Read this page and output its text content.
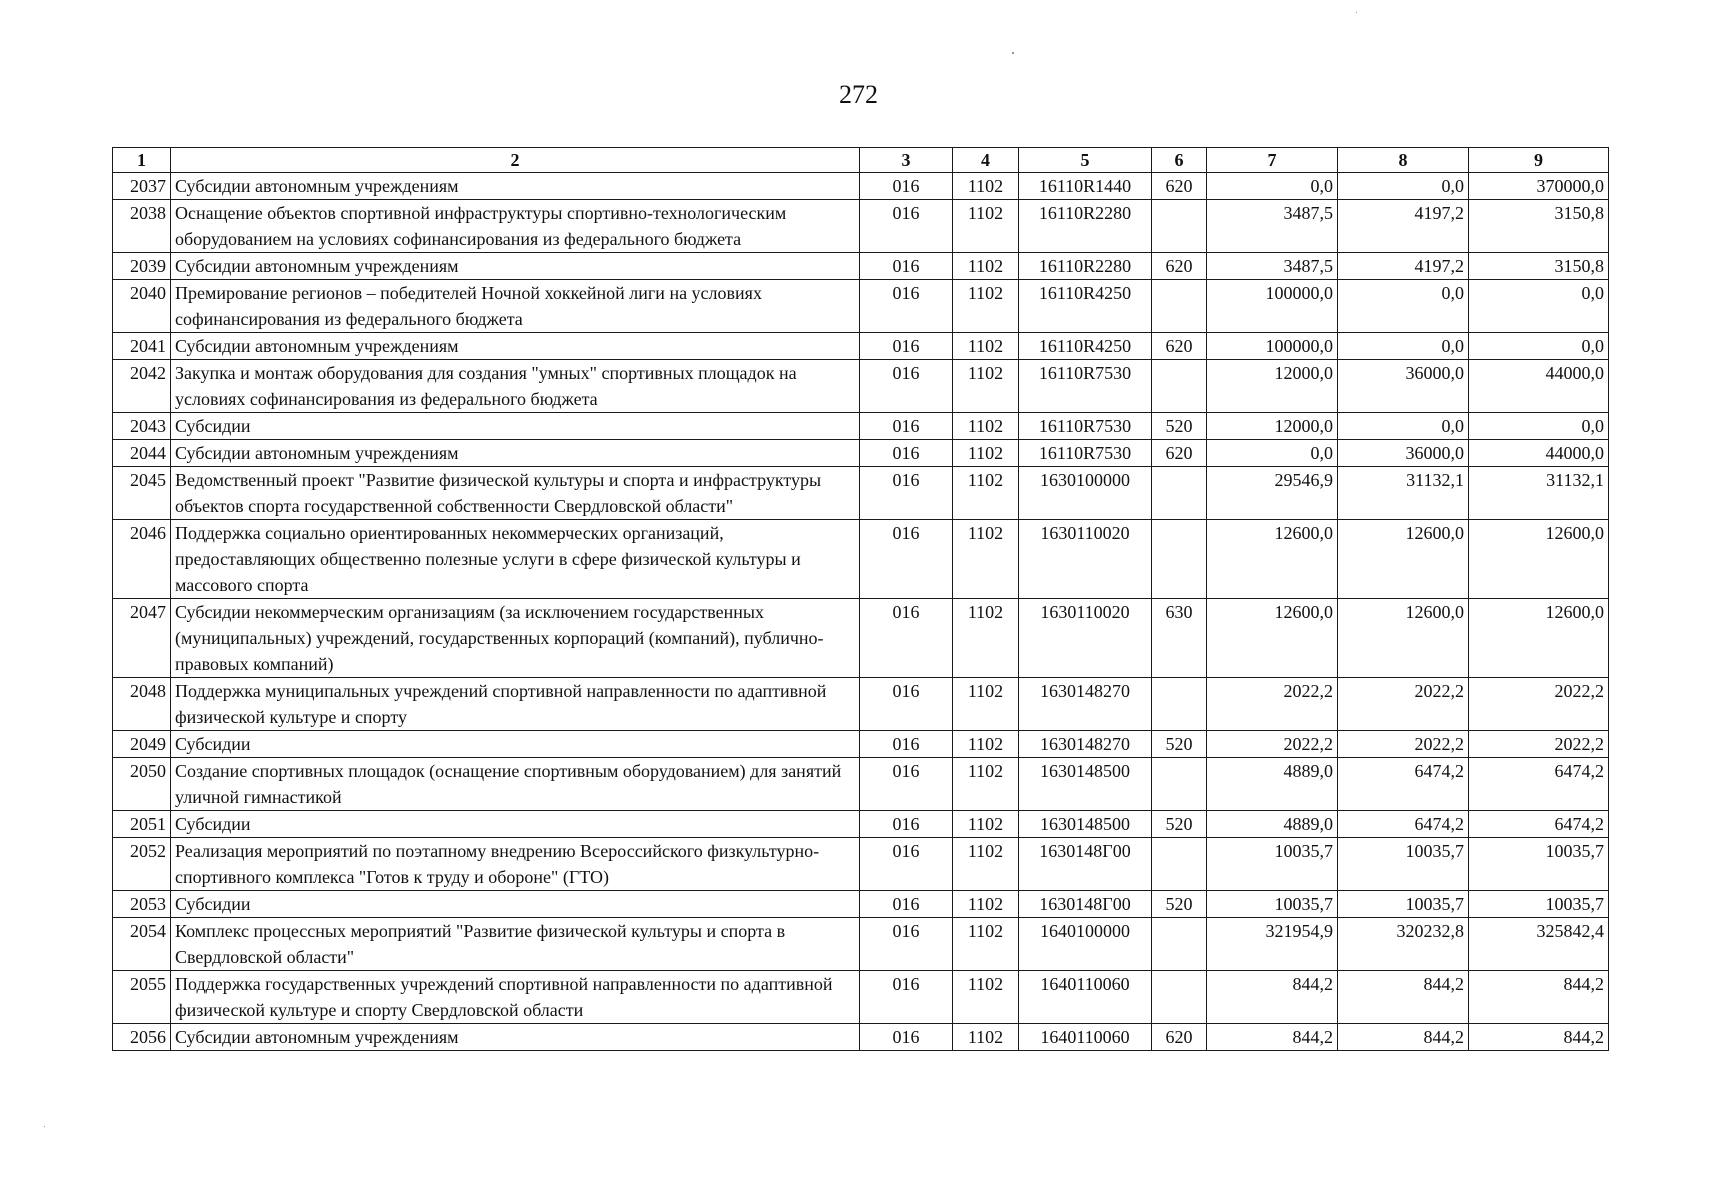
272
1	2	3	4	5	6	7	8	9
2037	Субсидии автономным учреждениям	016	1102	16110R1440	620	0,0	0,0	370000,0
2038	Оснащение объектов спортивной инфраструктуры спортивно-технологическим оборудованием на условиях софинансирования из федерального бюджета	016	1102	16110R2280		3487,5	4197,2	3150,8
2039	Субсидии автономным учреждениям	016	1102	16110R2280	620	3487,5	4197,2	3150,8
2040	Премирование регионов – победителей Ночной хоккейной лиги на условиях софинансирования из федерального бюджета	016	1102	16110R4250		100000,0	0,0	0,0
2041	Субсидии автономным учреждениям	016	1102	16110R4250	620	100000,0	0,0	0,0
2042	Закупка и монтаж оборудования для создания "умных" спортивных площадок на условиях софинансирования из федерального бюджета	016	1102	16110R7530		12000,0	36000,0	44000,0
2043	Субсидии	016	1102	16110R7530	520	12000,0	0,0	0,0
2044	Субсидии автономным учреждениям	016	1102	16110R7530	620	0,0	36000,0	44000,0
2045	Ведомственный проект "Развитие физической культуры и спорта и инфраструктуры объектов спорта государственной собственности Свердловской области"	016	1102	1630100000		29546,9	31132,1	31132,1
2046	Поддержка социально ориентированных некоммерческих организаций, предоставляющих общественно полезные услуги в сфере физической культуры и массового спорта	016	1102	1630110020		12600,0	12600,0	12600,0
2047	Субсидии некоммерческим организациям (за исключением государственных (муниципальных) учреждений, государственных корпораций (компаний), публично-правовых компаний)	016	1102	1630110020	630	12600,0	12600,0	12600,0
2048	Поддержка муниципальных учреждений спортивной направленности по адаптивной физической культуре и спорту	016	1102	1630148270		2022,2	2022,2	2022,2
2049	Субсидии	016	1102	1630148270	520	2022,2	2022,2	2022,2
2050	Создание спортивных площадок (оснащение спортивным оборудованием) для занятий уличной гимнастикой	016	1102	1630148500		4889,0	6474,2	6474,2
2051	Субсидии	016	1102	1630148500	520	4889,0	6474,2	6474,2
2052	Реализация мероприятий по поэтапному внедрению Всероссийского физкультурно-спортивного комплекса "Готов к труду и обороне" (ГТО)	016	1102	1630148Г00		10035,7	10035,7	10035,7
2053	Субсидии	016	1102	1630148Г00	520	10035,7	10035,7	10035,7
2054	Комплекс процессных мероприятий "Развитие физической культуры и спорта в Свердловской области"	016	1102	1640100000		321954,9	320232,8	325842,4
2055	Поддержка государственных учреждений спортивной направленности по адаптивной физической культуре и спорту Свердловской области	016	1102	1640110060		844,2	844,2	844,2
2056	Субсидии автономным учреждениям	016	1102	1640110060	620	844,2	844,2	844,2
